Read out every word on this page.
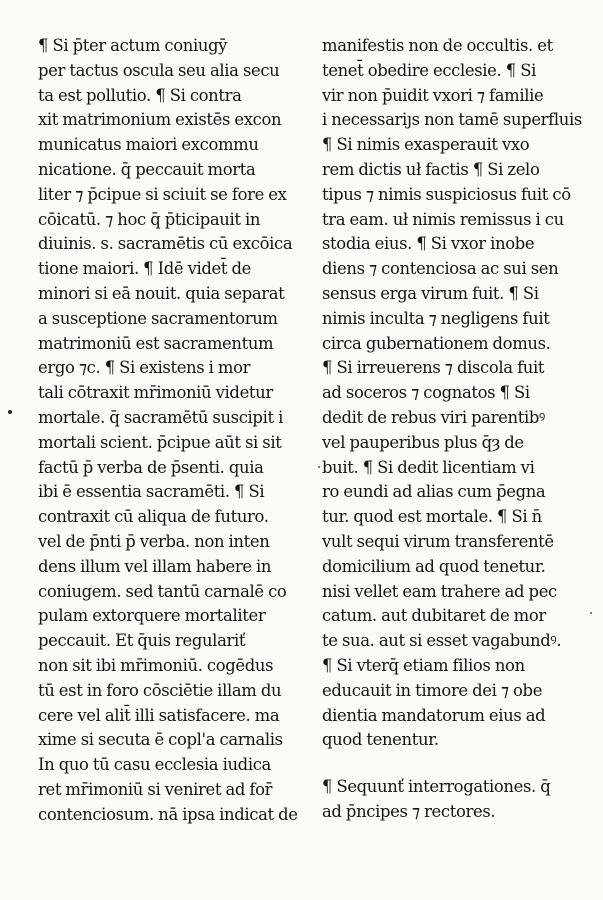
¶ Si p̄ter actum coniugȳ
per tactus oscula seu alia secu
ta est pollutio. ¶ Si contra
xit matrimonium existēs excon
municatus maiori excommu
nicatione. q̄ peccauit morta
liter ⁊ p̄cipue si sciuit se fore ex
cōicatū. ⁊ hoc q̄ p̄ticipauit in
diuinis. s. sacramētis cū excōica
tione maiori. ¶ Idē videt̄ de
minori si eā nouit. quia separat
a susceptione sacramentorum
matrimoniū est sacramentum
ergo ⁊c. ¶ Si existens i mor
tali cōtraxit mr̄imoniū videtur
mortale. q̄ sacramētū suscipit i
mortali scient. p̄cipue aūt si sit
factū p̄ verba de p̄senti. quia
ibi ē essentia sacramēti. ¶ Si
contraxit cū aliqua de futuro.
vel de p̄nti p̄ verba. non inten
dens illum vel illam habere in
coniugem. sed tantū carnalē co
pulam extorquere mortaliter
peccauit. Et q̄uis regulariť
non sit ibi mr̄imoniū. cogēdus
tū est in foro cōsciētie illam du
cere vel alit̄ illi satisfacere. ma
xime si secuta ē copl'a carnalis
In quo tū casu ecclesia iudica
ret mr̄imoniū si veniret ad for̄
contenciosum. nā ipsa indicat de
manifestis non de occultis. et
tenet̄ obedire ecclesie. ¶ Si
vir non p̄uidit vxori ⁊ familie
i necessariȷs non tamē superfluis
¶ Si nimis exasperauit vxo
rem dictis uł factis ¶ Si zelo
tipus ⁊ nimis suspiciosus fuit cō
tra eam. uł nimis remissus i cu
stodia eius. ¶ Si vxor inobe
diens ⁊ contenciosa ac sui sen
sensus erga virum fuit. ¶ Si
nimis inculta ⁊ negligens fuit
circa gubernationem domus.
¶ Si irreuerens ⁊ discola fuit
ad soceros ⁊ cognatos ¶ Si
dedit de rebus viri parentibꝰ
vel pauperibus plus q̄ȝ de
buit. ¶ Si dedit licentiam vi
ro eundi ad alias cum p̄egna
tur. quod est mortale. ¶ Si n̄
vult sequi virum transferentē
domicilium ad quod tenetur.
nisi vellet eam trahere ad pec
catum. aut dubitaret de mor
te sua. aut si esset vagabundꝰ.
¶ Si vterq̄ etiam filios non
educauit in timore dei ⁊ obe
dientia mandatorum eius ad
quod tenentur.
¶ Sequunť interrogationes. q̄
ad p̄ncipes ⁊ rectores.
